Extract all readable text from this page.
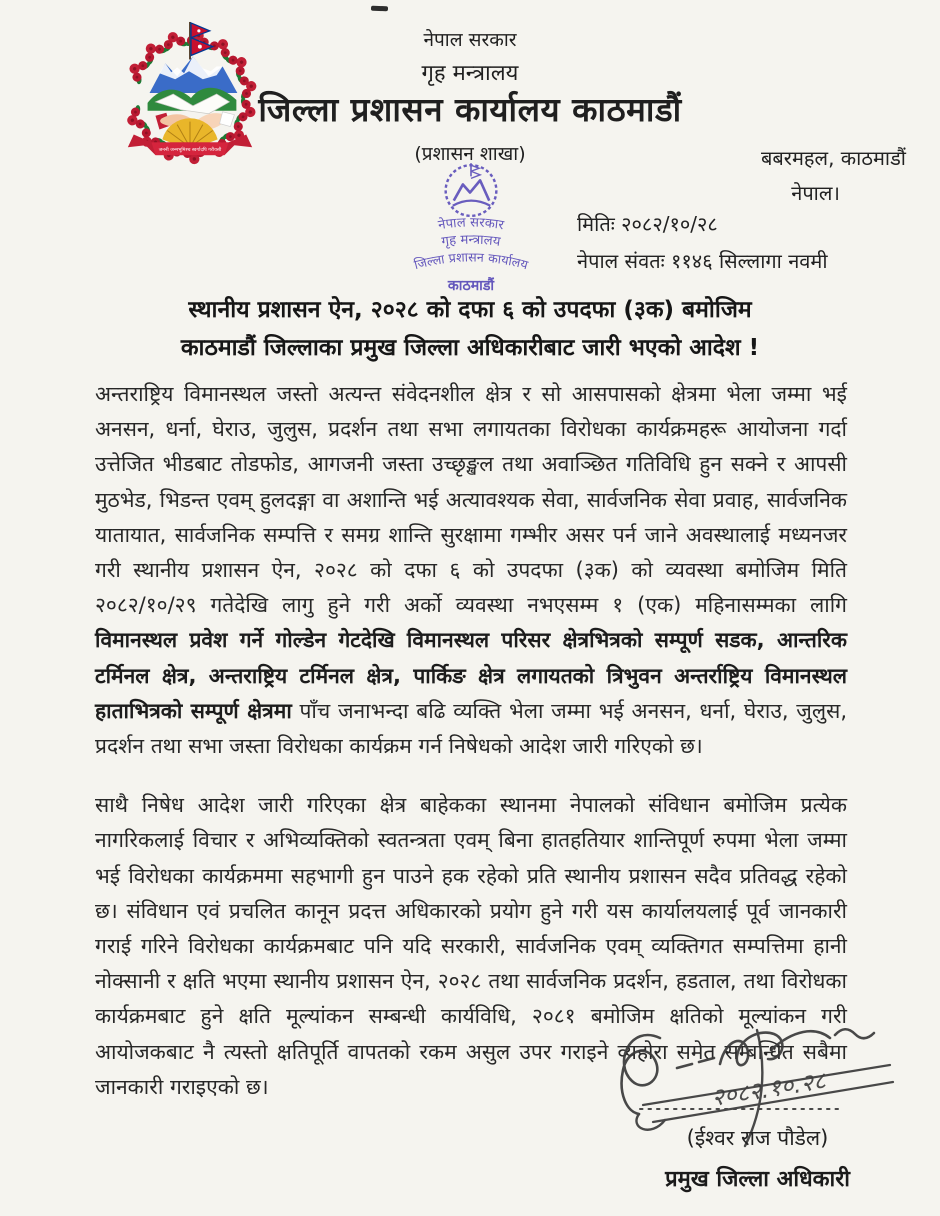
जननी जन्मभूमिश्च स्वर्गादपि गरीयसी
नेपाल सरकार
गृह मन्त्रालय
जिल्ला प्रशासन कार्यालय काठमाडौं
(प्रशासन शाखा)	बबरमहल, काठमाडौं
नेपाल।
मितिः २०८२/१०/२८
नेपाल संवतः ११४६ सिल्लागा नवमी
नेपाल सरकार
गृह मन्त्रालय
जिल्ला प्रशासन कार्यालय
काठमाडौं
स्थानीय प्रशासन ऐन, २०२८ को दफा ६ को उपदफा (३क) बमोजिम
काठमाडौं जिल्लाका प्रमुख जिल्ला अधिकारीबाट जारी भएको आदेश !

अन्तराष्ट्रिय विमानस्थल जस्तो अत्यन्त संवेदनशील क्षेत्र र सो आसपासको क्षेत्रमा भेला जम्मा भई अनसन, धर्ना, घेराउ, जुलुस, प्रदर्शन तथा सभा लगायतका विरोधका कार्यक्रमहरू आयोजना गर्दा उत्तेजित भीडबाट तोडफोड, आगजनी जस्ता उच्छृङ्खल तथा अवाञ्छित गतिविधि हुन सक्ने र आपसी मुठभेड, भिडन्त एवम् हुलदङ्गा वा अशान्ति भई अत्यावश्यक सेवा, सार्वजनिक सेवा प्रवाह, सार्वजनिक यातायात, सार्वजनिक सम्पत्ति र समग्र शान्ति सुरक्षामा गम्भीर असर पर्न जाने अवस्थालाई मध्यनजर गरी स्थानीय प्रशासन ऐन, २०२८ को दफा ६ को उपदफा (३क) को व्यवस्था बमोजिम मिति २०८२/१०/२९ गतेदेखि लागु हुने गरी अर्को व्यवस्था नभएसम्म १ (एक) महिनासम्मका लागि विमानस्थल प्रवेश गर्ने गोल्डेन गेटदेखि विमानस्थल परिसर क्षेत्रभित्रको सम्पूर्ण सडक, आन्तरिक टर्मिनल क्षेत्र, अन्तराष्ट्रिय टर्मिनल क्षेत्र, पार्किङ क्षेत्र लगायतको त्रिभुवन अन्तर्राष्ट्रिय विमानस्थल हाताभित्रको सम्पूर्ण क्षेत्रमा पाँच जनाभन्दा बढि व्यक्ति भेला जम्मा भई अनसन, धर्ना, घेराउ, जुलुस, प्रदर्शन तथा सभा जस्ता विरोधका कार्यक्रम गर्न निषेधको आदेश जारी गरिएको छ।

साथै निषेध आदेश जारी गरिएका क्षेत्र बाहेकका स्थानमा नेपालको संविधान बमोजिम प्रत्येक नागरिकलाई विचार र अभिव्यक्तिको स्वतन्त्रता एवम् बिना हातहतियार शान्तिपूर्ण रुपमा भेला जम्मा भई विरोधका कार्यक्रममा सहभागी हुन पाउने हक रहेको प्रति स्थानीय प्रशासन सदैव प्रतिवद्ध रहेको छ। संविधान एवं प्रचलित कानून प्रदत्त अधिकारको प्रयोग हुने गरी यस कार्यालयलाई पूर्व जानकारी गराई गरिने विरोधका कार्यक्रमबाट पनि यदि सरकारी, सार्वजनिक एवम् व्यक्तिगत सम्पत्तिमा हानी नोक्सानी र क्षति भएमा स्थानीय प्रशासन ऐन, २०२८ तथा सार्वजनिक प्रदर्शन, हडताल, तथा विरोधका कार्यक्रमबाट हुने क्षति मूल्यांकन सम्बन्धी कार्यविधि, २०८१ बमोजिम क्षतिको मूल्यांकन गरी आयोजकबाट नै त्यस्तो क्षतिपूर्ति वापतको रकम असुल उपर गराइने व्यहोरा समेत सम्बन्धित सबैमा जानकारी गराइएको छ।	२०८२.१०.२८
(ईश्वर राज पौडेल)
प्रमुख जिल्ला अधिकारी
